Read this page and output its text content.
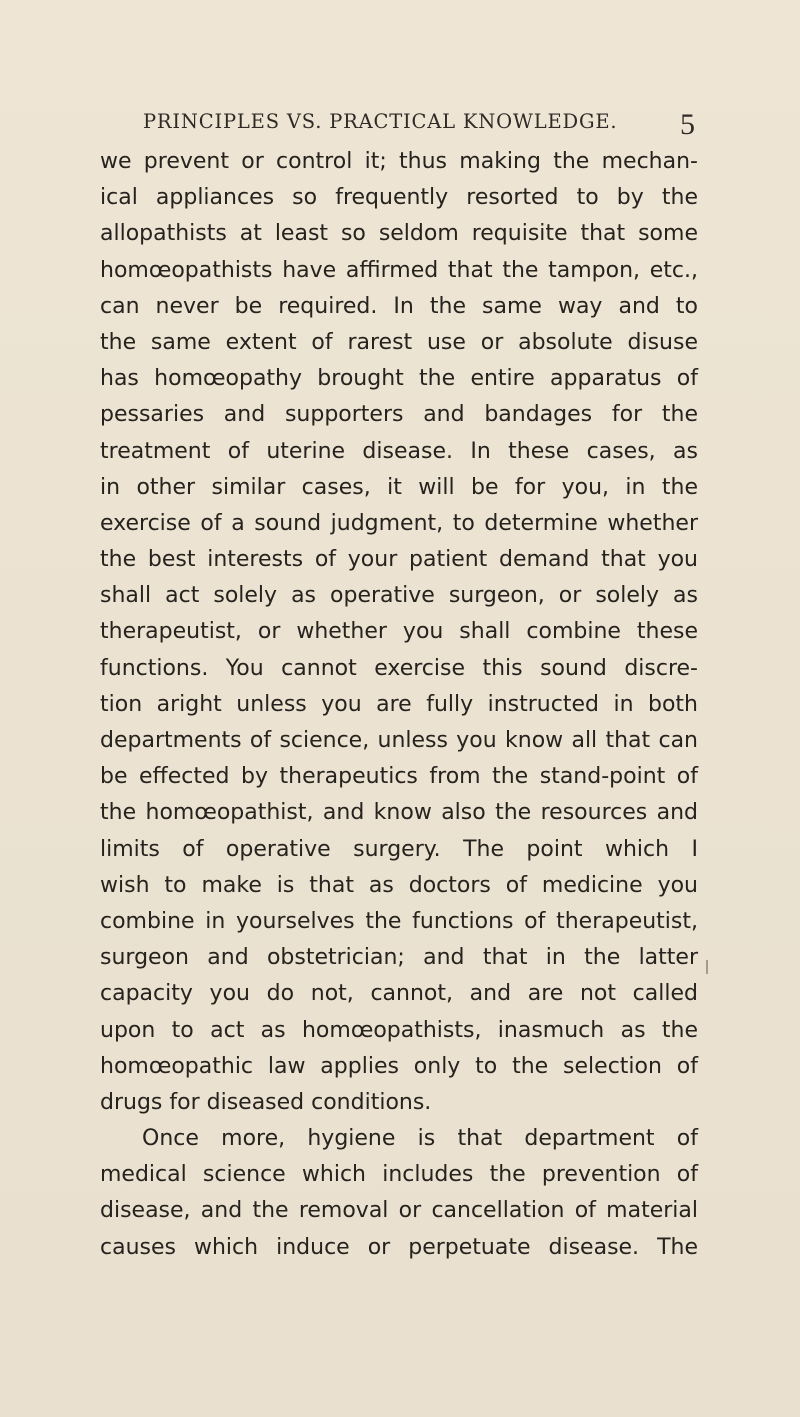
PRINCIPLES VS. PRACTICAL KNOWLEDGE. 5
we prevent or control it; thus making the mechan-
ical appliances so frequently resorted to by the
allopathists at least so seldom requisite that some
homœopathists have affirmed that the tampon, etc.,
can never be required. In the same way and to
the same extent of rarest use or absolute disuse
has homœopathy brought the entire apparatus of
pessaries and supporters and bandages for the
treatment of uterine disease. In these cases, as
in other similar cases, it will be for you, in the
exercise of a sound judgment, to determine whether
the best interests of your patient demand that you
shall act solely as operative surgeon, or solely as
therapeutist, or whether you shall combine these
functions. You cannot exercise this sound discre-
tion aright unless you are fully instructed in both
departments of science, unless you know all that can
be effected by therapeutics from the stand-point of
the homœopathist, and know also the resources and
limits of operative surgery. The point which I
wish to make is that as doctors of medicine you
combine in yourselves the functions of therapeutist,
surgeon and obstetrician; and that in the latter
capacity you do not, cannot, and are not called
upon to act as homœopathists, inasmuch as the
homœopathic law applies only to the selection of
drugs for diseased conditions.
Once more, hygiene is that department of
medical science which includes the prevention of
disease, and the removal or cancellation of material
causes which induce or perpetuate disease. The
